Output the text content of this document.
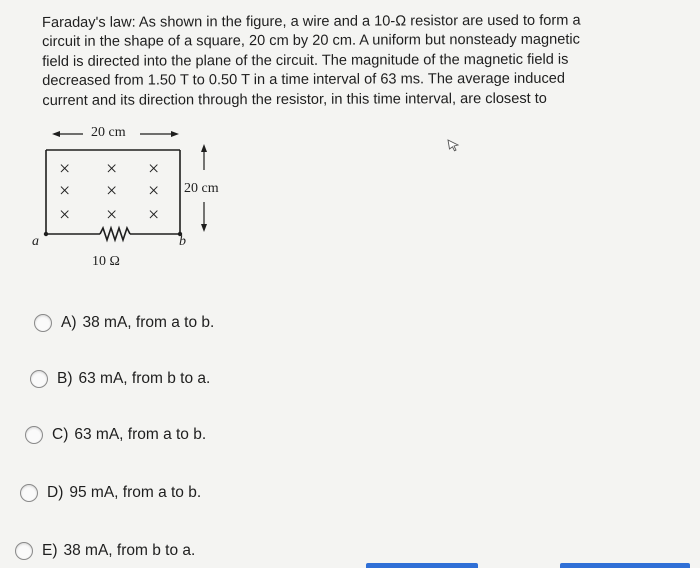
Faraday's law: As shown in the figure, a wire and a 10-Ω resistor are used to form a circuit in the shape of a square, 20 cm by 20 cm. A uniform but nonsteady magnetic field is directed into the plane of the circuit. The magnitude of the magnetic field is decreased from 1.50 T to 0.50 T in a time interval of 63 ms. The average induced current and its direction through the resistor, in this time interval, are closest to

20 cm
20 cm
10 Ω
a	b
× × ×
× × ×
× × ×
A) 38 mA, from a to b.
B) 63 mA, from b to a.
C) 63 mA, from a to b.
D) 95 mA, from a to b.
E) 38 mA, from b to a.
